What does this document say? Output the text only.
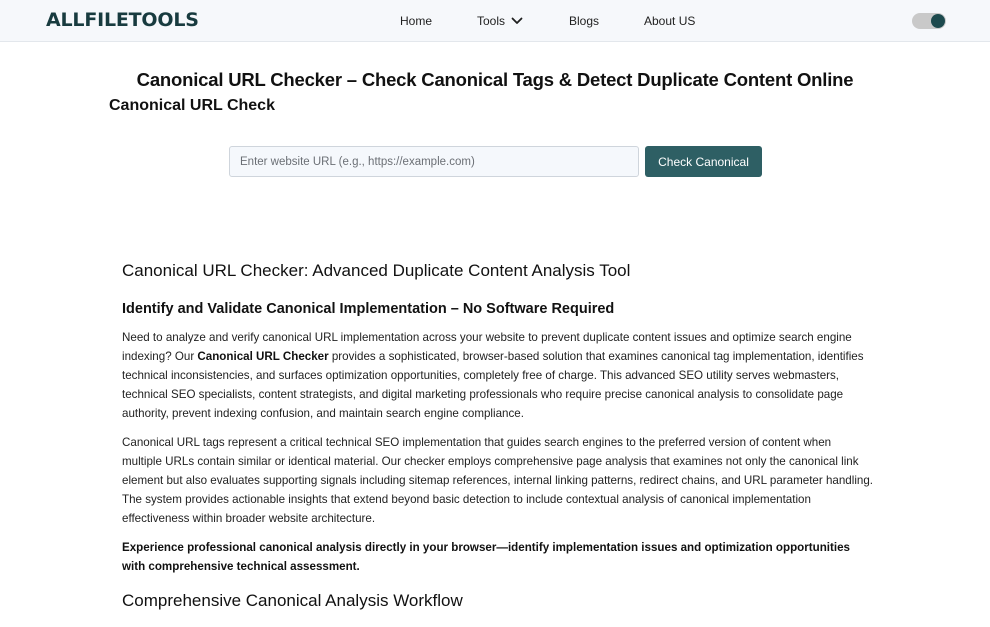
ALLFILETOOLS	Home	Tools	Blogs	About US
Canonical URL Checker – Check Canonical Tags & Detect Duplicate Content Online
Canonical URL Check
Enter website URL (e.g., https://example.com)
Check Canonical
Canonical URL Checker: Advanced Duplicate Content Analysis Tool
Identify and Validate Canonical Implementation – No Software Required

Need to analyze and verify canonical URL implementation across your website to prevent duplicate content issues and optimize search engine indexing? Our Canonical URL Checker provides a sophisticated, browser-based solution that examines canonical tag implementation, identifies technical inconsistencies, and surfaces optimization opportunities, completely free of charge. This advanced SEO utility serves webmasters, technical SEO specialists, content strategists, and digital marketing professionals who require precise canonical analysis to consolidate page authority, prevent indexing confusion, and maintain search engine compliance.

Canonical URL tags represent a critical technical SEO implementation that guides search engines to the preferred version of content when multiple URLs contain similar or identical material. Our checker employs comprehensive page analysis that examines not only the canonical link element but also evaluates supporting signals including sitemap references, internal linking patterns, redirect chains, and URL parameter handling. The system provides actionable insights that extend beyond basic detection to include contextual analysis of canonical implementation effectiveness within broader website architecture.

Experience professional canonical analysis directly in your browser—identify implementation issues and optimization opportunities with comprehensive technical assessment.

Comprehensive Canonical Analysis Workflow
